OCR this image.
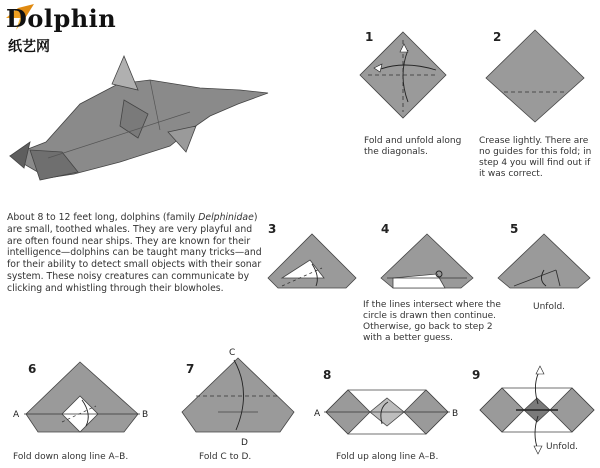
Dolphin
纸艺网
About 8 to 12 feet long, dolphins (family Delphinidae) are small, toothed whales. They are very playful and are often found near ships. They are known for their intelligence—dolphins can be taught many tricks—and for their ability to detect small objects with their sonar system. These noisy creatures can communicate by clicking and whistling through their blowholes.
1
Fold and unfold along the diagonals.
2
Crease lightly. There are no guides for this fold; in step 4 you will find out if it was correct.
3	4
If the lines intersect where the circle is drawn then continue. Otherwise, go back to step 2 with a better guess.
5
Unfold.
6
A	B
Fold down along line A–B.
7
C
D
Fold C to D.
8
A	B
Fold up along line A–B.
9
Unfold.
